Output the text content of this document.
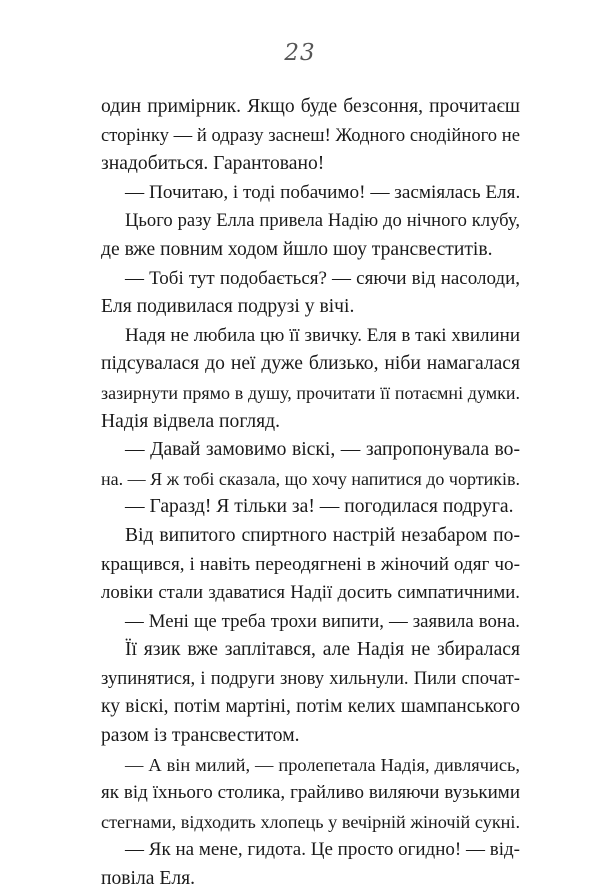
23
один примірник. Якщо буде безсоння, прочитаєш
сторінку — й одразу заснеш! Жодного снодійного не
знадобиться. Гарантовано!
— Почитаю, і тоді побачимо! — засміялась Еля.
Цього разу Елла привела Надію до нічного клубу,
де вже повним ходом йшло шоу трансвеститів.
— Тобі тут подобається? — сяючи від насолоди,
Еля подивилася подрузі у вічі.
Надя не любила цю її звичку. Еля в такі хвилини
підсувалася до неї дуже близько, ніби намагалася
зазирнути прямо в душу, прочитати її потаємні думки.
Надія відвела погляд.
— Давай замовимо віскі, — запропонувала во-
на. — Я ж тобі сказала, що хочу напитися до чортиків.
— Гаразд! Я тільки за! — погодилася подруга.
Від випитого спиртного настрій незабаром по-
кращився, і навіть переодягнені в жіночий одяг чо-
ловіки стали здаватися Надії досить симпатичними.
— Мені ще треба трохи випити, — заявила вона.
Її язик вже заплітався, але Надія не збиралася
зупинятися, і подруги знову хильнули. Пили спочат-
ку віскі, потім мартіні, потім келих шампанського
разом із трансвеститом.
— А він милий, — пролепетала Надія, дивлячись,
як від їхнього столика, грайливо виляючи вузькими
стегнами, відходить хлопець у вечірній жіночій сукні.
— Як на мене, гидота. Це просто огидно! — від-
повіла Еля.
